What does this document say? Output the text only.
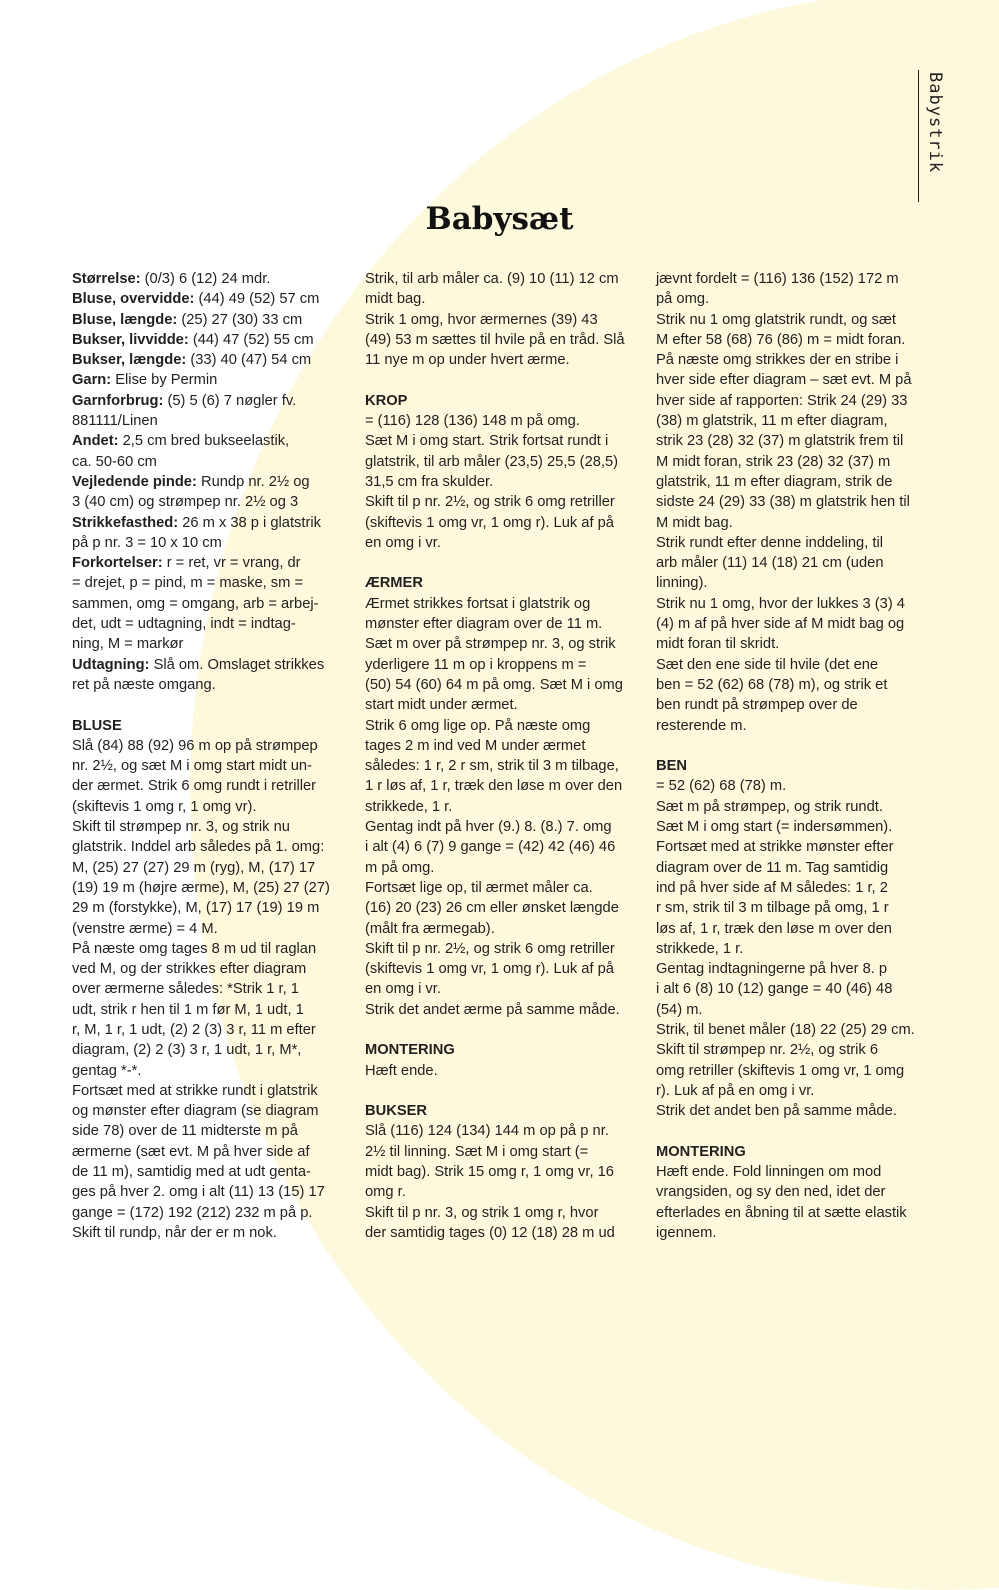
Babystrik
Babysæt
Størrelse: (0/3) 6 (12) 24 mdr.
Bluse, overvidde: (44) 49 (52) 57 cm
Bluse, længde: (25) 27 (30) 33 cm
Bukser, livvidde: (44) 47 (52) 55 cm
Bukser, længde: (33) 40 (47) 54 cm
Garn: Elise by Permin
Garnforbrug: (5) 5 (6) 7 nøgler fv.
881111/Linen
Andet: 2,5 cm bred bukseelastik,
ca. 50-60 cm
Vejledende pinde: Rundp nr. 2½ og
3 (40 cm) og strømpep nr. 2½ og 3
Strikkefasthed: 26 m x 38 p i glatstrik
på p nr. 3 = 10 x 10 cm
Forkortelser: r = ret, vr = vrang, dr
= drejet, p = pind, m = maske, sm =
sammen, omg = omgang, arb = arbej-
det, udt = udtagning, indt = indtag-
ning, M = markør
Udtagning: Slå om. Omslaget strikkes
ret på næste omgang.
BLUSE
Slå (84) 88 (92) 96 m op på strømpep
nr. 2½, og sæt M i omg start midt un-
der ærmet. Strik 6 omg rundt i retriller
(skiftevis 1 omg r, 1 omg vr).
Skift til strømpep nr. 3, og strik nu
glatstrik. Inddel arb således på 1. omg:
M, (25) 27 (27) 29 m (ryg), M, (17) 17
(19) 19 m (højre ærme), M, (25) 27 (27)
29 m (forstykke), M, (17) 17 (19) 19 m
(venstre ærme) = 4 M.
På næste omg tages 8 m ud til raglan
ved M, og der strikkes efter diagram
over ærmerne således: *Strik 1 r, 1
udt, strik r hen til 1 m før M, 1 udt, 1
r, M, 1 r, 1 udt, (2) 2 (3) 3 r, 11 m efter
diagram, (2) 2 (3) 3 r, 1 udt, 1 r, M*,
gentag *-*.
Fortsæt med at strikke rundt i glatstrik
og mønster efter diagram (se diagram
side 78) over de 11 midterste m på
ærmerne (sæt evt. M på hver side af
de 11 m), samtidig med at udt genta-
ges på hver 2. omg i alt (11) 13 (15) 17
gange = (172) 192 (212) 232 m på p.
Skift til rundp, når der er m nok.
Strik, til arb måler ca. (9) 10 (11) 12 cm
midt bag.
Strik 1 omg, hvor ærmernes (39) 43
(49) 53 m sættes til hvile på en tråd. Slå
11 nye m op under hvert ærme.
KROP
= (116) 128 (136) 148 m på omg.
Sæt M i omg start. Strik fortsat rundt i
glatstrik, til arb måler (23,5) 25,5 (28,5)
31,5 cm fra skulder.
Skift til p nr. 2½, og strik 6 omg retriller
(skiftevis 1 omg vr, 1 omg r). Luk af på
en omg i vr.
ÆRMER
Ærmet strikkes fortsat i glatstrik og
mønster efter diagram over de 11 m.
Sæt m over på strømpep nr. 3, og strik
yderligere 11 m op i kroppens m =
(50) 54 (60) 64 m på omg. Sæt M i omg
start midt under ærmet.
Strik 6 omg lige op. På næste omg
tages 2 m ind ved M under ærmet
således: 1 r, 2 r sm, strik til 3 m tilbage,
1 r løs af, 1 r, træk den løse m over den
strikkede, 1 r.
Gentag indt på hver (9.) 8. (8.) 7. omg
i alt (4) 6 (7) 9 gange = (42) 42 (46) 46
m på omg.
Fortsæt lige op, til ærmet måler ca.
(16) 20 (23) 26 cm eller ønsket længde
(målt fra ærmegab).
Skift til p nr. 2½, og strik 6 omg retriller
(skiftevis 1 omg vr, 1 omg r). Luk af på
en omg i vr.
Strik det andet ærme på samme måde.
MONTERING
Hæft ende.
BUKSER
Slå (116) 124 (134) 144 m op på p nr.
2½ til linning. Sæt M i omg start (=
midt bag). Strik 15 omg r, 1 omg vr, 16
omg r.
Skift til p nr. 3, og strik 1 omg r, hvor
der samtidig tages (0) 12 (18) 28 m ud
jævnt fordelt = (116) 136 (152) 172 m
på omg.
Strik nu 1 omg glatstrik rundt, og sæt
M efter 58 (68) 76 (86) m = midt foran.
På næste omg strikkes der en stribe i
hver side efter diagram – sæt evt. M på
hver side af rapporten: Strik 24 (29) 33
(38) m glatstrik, 11 m efter diagram,
strik 23 (28) 32 (37) m glatstrik frem til
M midt foran, strik 23 (28) 32 (37) m
glatstrik, 11 m efter diagram, strik de
sidste 24 (29) 33 (38) m glatstrik hen til
M midt bag.
Strik rundt efter denne inddeling, til
arb måler (11) 14 (18) 21 cm (uden
linning).
Strik nu 1 omg, hvor der lukkes 3 (3) 4
(4) m af på hver side af M midt bag og
midt foran til skridt.
Sæt den ene side til hvile (det ene
ben = 52 (62) 68 (78) m), og strik et
ben rundt på strømpep over de
resterende m.
BEN
= 52 (62) 68 (78) m.
Sæt m på strømpep, og strik rundt.
Sæt M i omg start (= indersømmen).
Fortsæt med at strikke mønster efter
diagram over de 11 m. Tag samtidig
ind på hver side af M således: 1 r, 2
r sm, strik til 3 m tilbage på omg, 1 r
løs af, 1 r, træk den løse m over den
strikkede, 1 r.
Gentag indtagningerne på hver 8. p
i alt 6 (8) 10 (12) gange = 40 (46) 48
(54) m.
Strik, til benet måler (18) 22 (25) 29 cm.
Skift til strømpep nr. 2½, og strik 6
omg retriller (skiftevis 1 omg vr, 1 omg
r). Luk af på en omg i vr.
Strik det andet ben på samme måde.
MONTERING
Hæft ende. Fold linningen om mod
vrangsiden, og sy den ned, idet der
efterlades en åbning til at sætte elastik
igennem.
